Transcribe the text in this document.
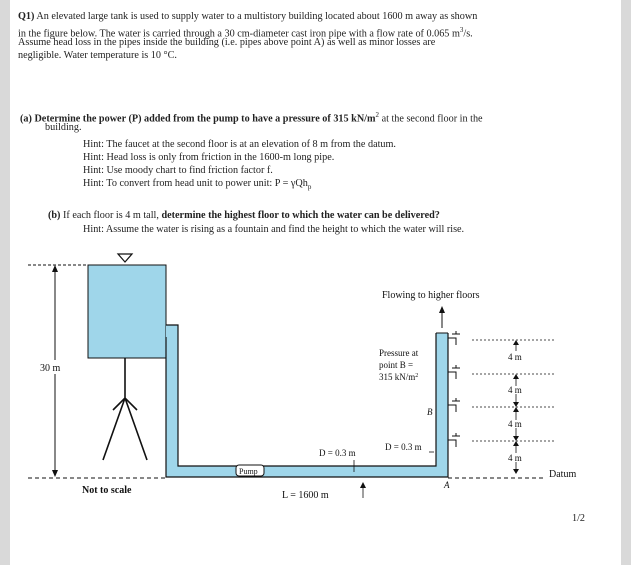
Q1) An elevated large tank is used to supply water to a multistory building located about 1600 m away as shown
in the figure below. The water is carried through a 30 cm-diameter cast iron pipe with a flow rate of 0.065 $m^3/s$.
Assume head loss in the pipes inside the building (i.e. pipes above point A) as well as minor losses are
negligible. Water temperature is 10 °C.
(a) Determine the power (P) added from the pump to have a pressure of 315 $kN/m^2$ at the second floor in the
building.
Hint: The faucet at the second floor is at an elevation of 8 m from the datum.
Hint: Head loss is only from friction in the 1600-m long pipe.
Hint: Use moody chart to find friction factor f.
Hint: To convert from head unit to power unit: P = γQh$_p$
(b) If each floor is 4 m tall, determine the highest floor to which the water can be delivered?
Hint: Assume the water is rising as a fountain and find the height to which the water will rise.
30 m
Pump
4 m
4 m
4 m
4 m
Datum
A
B
Flowing to higher floors
Pressure at
point B =
315 $kN/m^2$
D = 0.3 m
D = 0.3 m
L = 1600 m
Not to scale
1/2
